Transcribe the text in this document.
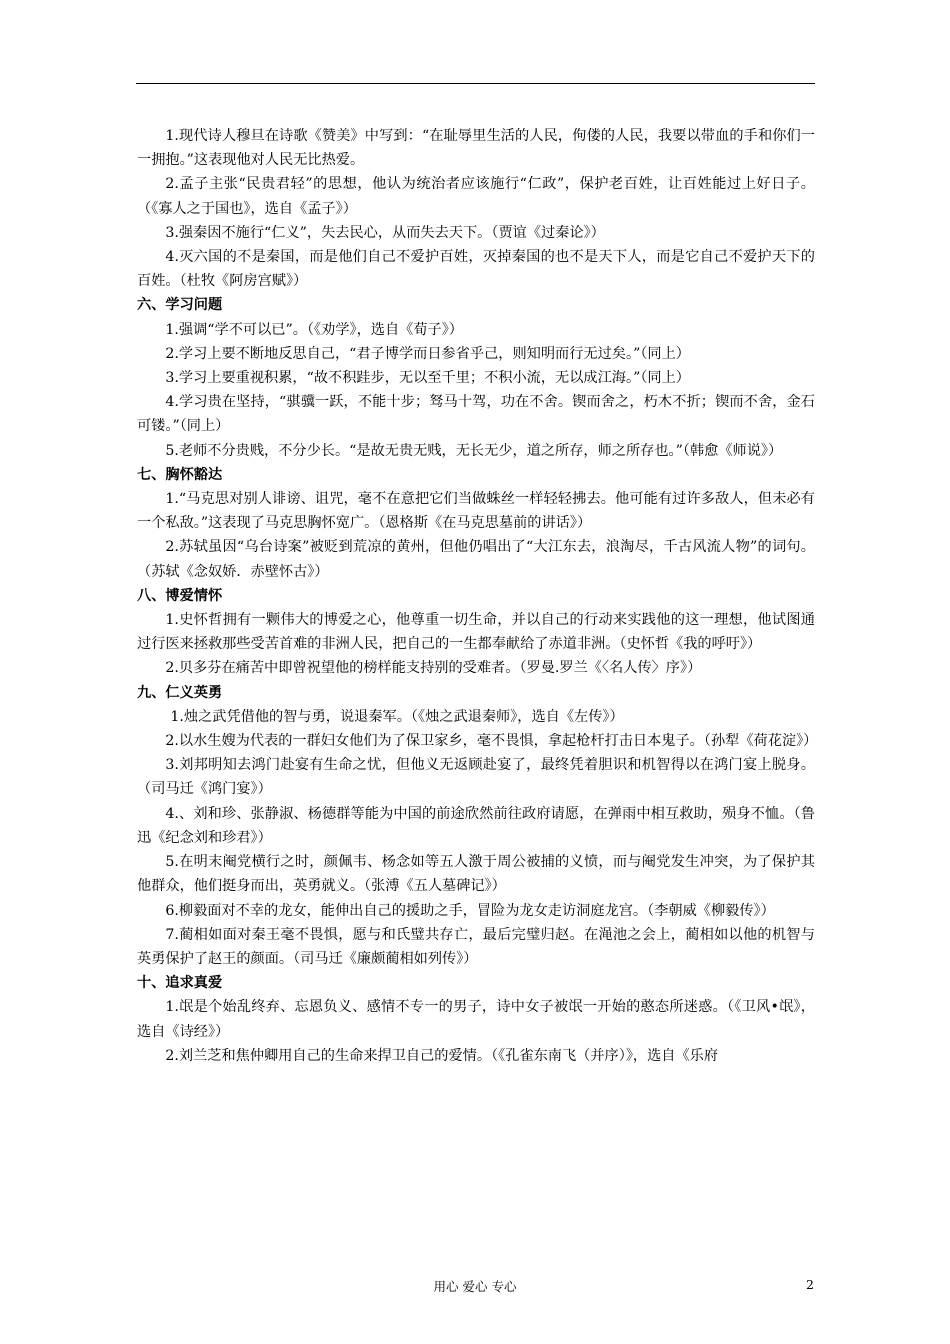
1.现代诗人穆旦在诗歌《赞美》中写到：“在耻辱里生活的人民，佝偻的人民，我要以带血的手和你们一一拥抱。”这表现他对人民无比热爱。

2.孟子主张“民贵君轻”的思想，他认为统治者应该施行“仁政”，保护老百姓，让百姓能过上好日子。（《寡人之于国也》，选自《孟子》）

3.强秦因不施行“仁义”，失去民心，从而失去天下。（贾谊《过秦论》）

4.灭六国的不是秦国，而是他们自己不爱护百姓，灭掉秦国的也不是天下人，而是它自己不爱护天下的百姓。（杜牧《阿房宫赋》）

六、学习问题

1.强调“学不可以已”。（《劝学》，选自《荀子》）

2.学习上要不断地反思自己，“君子博学而日参省乎己，则知明而行无过矣。”（同上）

3.学习上要重视积累，“故不积跬步，无以至千里；不积小流，无以成江海。”（同上）

4.学习贵在坚持，“骐骥一跃，不能十步；驽马十驾，功在不舍。锲而舍之，朽木不折；锲而不舍，金石可镂。”（同上）

5.老师不分贵贱，不分少长。“是故无贵无贱，无长无少，道之所存，师之所存也。”（韩愈《师说》）

七、胸怀豁达

1.“马克思对别人诽谤、诅咒，毫不在意把它们当做蛛丝一样轻轻拂去。他可能有过许多敌人，但未必有一个私敌。”这表现了马克思胸怀宽广。（恩格斯《在马克思墓前的讲话》）

2.苏轼虽因“乌台诗案”被贬到荒凉的黄州，但他仍唱出了“大江东去，浪淘尽，千古风流人物”的词句。（苏轼《念奴娇．赤壁怀古》）

八、博爱情怀

1.史怀哲拥有一颗伟大的博爱之心，他尊重一切生命，并以自己的行动来实践他的这一理想，他试图通过行医来拯救那些受苦首难的非洲人民，把自己的一生都奉献给了赤道非洲。（史怀哲《我的呼吁》）

2.贝多芬在痛苦中即曾祝望他的榜样能支持别的受难者。（罗曼.罗兰《〈名人传〉序》）

九、仁义英勇

1.烛之武凭借他的智与勇，说退秦军。（《烛之武退秦师》，选自《左传》）

2.以水生嫂为代表的一群妇女他们为了保卫家乡，毫不畏惧，拿起枪杆打击日本鬼子。（孙犁《荷花淀》）

3.刘邦明知去鸿门赴宴有生命之忧，但他义无返顾赴宴了，最终凭着胆识和机智得以在鸿门宴上脱身。（司马迁《鸿门宴》）

4.、刘和珍、张静淑、杨德群等能为中国的前途欣然前往政府请愿，在弹雨中相互救助，殒身不恤。（鲁迅《纪念刘和珍君》）

5.在明末阉党横行之时，颜佩韦、杨念如等五人激于周公被捕的义愤，而与阉党发生冲突，为了保护其他群众，他们挺身而出，英勇就义。（张溥《五人墓碑记》）

6.柳毅面对不幸的龙女，能伸出自己的援助之手，冒险为龙女走访洞庭龙宫。（李朝威《柳毅传》）

7.蔺相如面对秦王毫不畏惧，愿与和氏璧共存亡，最后完璧归赵。在渑池之会上，蔺相如以他的机智与英勇保护了赵王的颜面。（司马迁《廉颇蔺相如列传》）

十、追求真爱

1.氓是个始乱终弃、忘恩负义、感情不专一的男子，诗中女子被氓一开始的憨态所迷惑。（《卫风•氓》，选自《诗经》）

2.刘兰芝和焦仲卿用自己的生命来捍卫自己的爱情。（《孔雀东南飞（并序）》，选自《乐府

用心 爱心 专心	2
